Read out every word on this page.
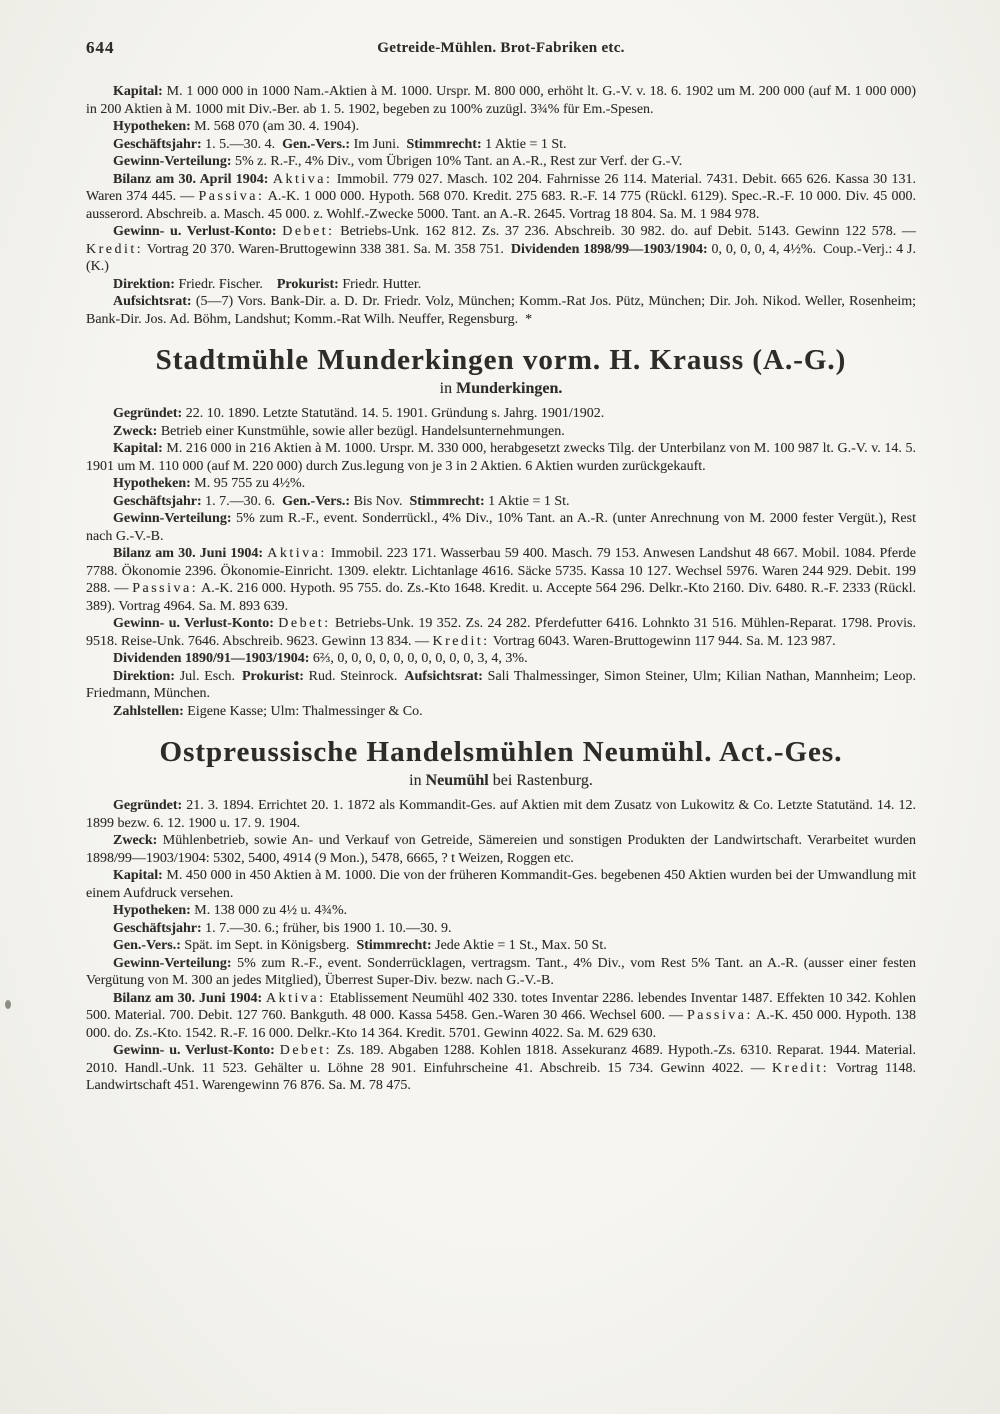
644	Getreide-Mühlen. Brot-Fabriken etc.

Kapital: M. 1 000 000 in 1000 Nam.-Aktien à M. 1000. Urspr. M. 800 000, erhöht lt. G.-V. v. 18. 6. 1902 um M. 200 000 (auf M. 1 000 000) in 200 Aktien à M. 1000 mit Div.-Ber. ab 1. 5. 1902, begeben zu 100% zuzügl. 3¾% für Em.-Spesen.

Hypotheken: M. 568 070 (am 30. 4. 1904).

Geschäftsjahr: 1. 5.—30. 4. Gen.-Vers.: Im Juni. Stimmrecht: 1 Aktie = 1 St.

Gewinn-Verteilung: 5% z. R.-F., 4% Div., vom Übrigen 10% Tant. an A.-R., Rest zur Verf. der G.-V.

Bilanz am 30. April 1904: Aktiva: Immobil. 779 027. Masch. 102 204. Fahrnisse 26 114. Material. 7431. Debit. 665 626. Kassa 30 131. Waren 374 445. — Passiva: A.-K. 1 000 000. Hypoth. 568 070. Kredit. 275 683. R.-F. 14 775 (Rückl. 6129). Spec.-R.-F. 10 000. Div. 45 000. ausserord. Abschreib. a. Masch. 45 000. z. Wohlf.-Zwecke 5000. Tant. an A.-R. 2645. Vortrag 18 804. Sa. M. 1 984 978.

Gewinn- u. Verlust-Konto: Debet: Betriebs-Unk. 162 812. Zs. 37 236. Abschreib. 30 982. do. auf Debit. 5143. Gewinn 122 578. — Kredit: Vortrag 20 370. Waren-Bruttogewinn 338 381. Sa. M. 358 751. Dividenden 1898/99—1903/1904: 0, 0, 0, 0, 4, 4½%. Coup.-Verj.: 4 J. (K.)

Direktion: Friedr. Fischer. Prokurist: Friedr. Hutter.

Aufsichtsrat: (5—7) Vors. Bank-Dir. a. D. Dr. Friedr. Volz, München; Komm.-Rat Jos. Pütz, München; Dir. Joh. Nikod. Weller, Rosenheim; Bank-Dir. Jos. Ad. Böhm, Landshut; Komm.-Rat Wilh. Neuffer, Regensburg. *

Stadtmühle Munderkingen vorm. H. Krauss (A.-G.)
in Munderkingen.

Gegründet: 22. 10. 1890. Letzte Statutänd. 14. 5. 1901. Gründung s. Jahrg. 1901/1902.

Zweck: Betrieb einer Kunstmühle, sowie aller bezügl. Handelsunternehmungen.

Kapital: M. 216 000 in 216 Aktien à M. 1000. Urspr. M. 330 000, herabgesetzt zwecks Tilg. der Unterbilanz von M. 100 987 lt. G.-V. v. 14. 5. 1901 um M. 110 000 (auf M. 220 000) durch Zus.legung von je 3 in 2 Aktien. 6 Aktien wurden zurückgekauft.

Hypotheken: M. 95 755 zu 4½%.

Geschäftsjahr: 1. 7.—30. 6. Gen.-Vers.: Bis Nov. Stimmrecht: 1 Aktie = 1 St.

Gewinn-Verteilung: 5% zum R.-F., event. Sonderrückl., 4% Div., 10% Tant. an A.-R. (unter Anrechnung von M. 2000 fester Vergüt.), Rest nach G.-V.-B.

Bilanz am 30. Juni 1904: Aktiva: Immobil. 223 171. Wasserbau 59 400. Masch. 79 153. Anwesen Landshut 48 667. Mobil. 1084. Pferde 7788. Ökonomie 2396. Ökonomie-Einricht. 1309. elektr. Lichtanlage 4616. Säcke 5735. Kassa 10 127. Wechsel 5976. Waren 244 929. Debit. 199 288. — Passiva: A.-K. 216 000. Hypoth. 95 755. do. Zs.-Kto 1648. Kredit. u. Accepte 564 296. Delkr.-Kto 2160. Div. 6480. R.-F. 2333 (Rückl. 389). Vortrag 4964. Sa. M. 893 639.

Gewinn- u. Verlust-Konto: Debet: Betriebs-Unk. 19 352. Zs. 24 282. Pferdefutter 6416. Lohnkto 31 516. Mühlen-Reparat. 1798. Provis. 9518. Reise-Unk. 7646. Abschreib. 9623. Gewinn 13 834. — Kredit: Vortrag 6043. Waren-Bruttogewinn 117 944. Sa. M. 123 987.

Dividenden 1890/91—1903/1904: 6⅔, 0, 0, 0, 0, 0, 0, 0, 0, 0, 0, 3, 4, 3%.

Direktion: Jul. Esch. Prokurist: Rud. Steinrock. Aufsichtsrat: Sali Thalmessinger, Simon Steiner, Ulm; Kilian Nathan, Mannheim; Leop. Friedmann, München.

Zahlstellen: Eigene Kasse; Ulm: Thalmessinger & Co.

Ostpreussische Handelsmühlen Neumühl. Act.-Ges.
in Neumühl bei Rastenburg.

Gegründet: 21. 3. 1894. Errichtet 20. 1. 1872 als Kommandit-Ges. auf Aktien mit dem Zusatz von Lukowitz & Co. Letzte Statutänd. 14. 12. 1899 bezw. 6. 12. 1900 u. 17. 9. 1904.

Zweck: Mühlenbetrieb, sowie An- und Verkauf von Getreide, Sämereien und sonstigen Produkten der Landwirtschaft. Verarbeitet wurden 1898/99—1903/1904: 5302, 5400, 4914 (9 Mon.), 5478, 6665, ? t Weizen, Roggen etc.

Kapital: M. 450 000 in 450 Aktien à M. 1000. Die von der früheren Kommandit-Ges. begebenen 450 Aktien wurden bei der Umwandlung mit einem Aufdruck versehen.

Hypotheken: M. 138 000 zu 4½ u. 4¾%.

Geschäftsjahr: 1. 7.—30. 6.; früher, bis 1900 1. 10.—30. 9.

Gen.-Vers.: Spät. im Sept. in Königsberg. Stimmrecht: Jede Aktie = 1 St., Max. 50 St.

Gewinn-Verteilung: 5% zum R.-F., event. Sonderrücklagen, vertragsm. Tant., 4% Div., vom Rest 5% Tant. an A.-R. (ausser einer festen Vergütung von M. 300 an jedes Mitglied), Überrest Super-Div. bezw. nach G.-V.-B.

Bilanz am 30. Juni 1904: Aktiva: Etablissement Neumühl 402 330. totes Inventar 2286. lebendes Inventar 1487. Effekten 10 342. Kohlen 500. Material. 700. Debit. 127 760. Bankguth. 48 000. Kassa 5458. Gen.-Waren 30 466. Wechsel 600. — Passiva: A.-K. 450 000. Hypoth. 138 000. do. Zs.-Kto. 1542. R.-F. 16 000. Delkr.-Kto 14 364. Kredit. 5701. Gewinn 4022. Sa. M. 629 630.

Gewinn- u. Verlust-Konto: Debet: Zs. 189. Abgaben 1288. Kohlen 1818. Assekuranz 4689. Hypoth.-Zs. 6310. Reparat. 1944. Material. 2010. Handl.-Unk. 11 523. Gehälter u. Löhne 28 901. Einfuhrscheine 41. Abschreib. 15 734. Gewinn 4022. — Kredit: Vortrag 1148. Landwirtschaft 451. Warengewinn 76 876. Sa. M. 78 475.
